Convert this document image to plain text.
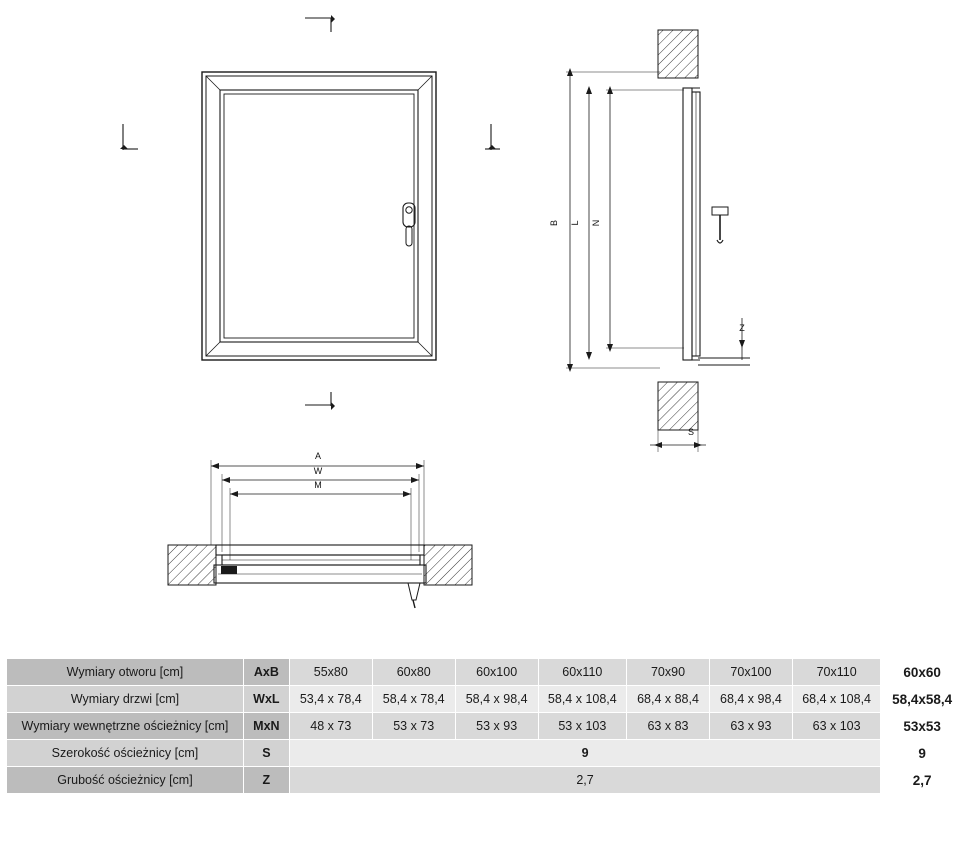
B L N
Z
S
A
W
M
Wymiary otworu [cm]	AxB	55x80	60x80	60x100	60x110	70x90	70x100	70x110	60x60
Wymiary drzwi [cm]	WxL	53,4 x 78,4	58,4 x 78,4	58,4 x 98,4	58,4 x 108,4	68,4 x 88,4	68,4 x 98,4	68,4 x 108,4	58,4x58,4
Wymiary wewnętrzne ościeżnicy [cm]	MxN	48 x 73	53 x 73	53 x 93	53 x 103	63 x 83	63 x 93	63 x 103	53x53
Szerokość ościeżnicy [cm]	S	9							9
Grubość ościeżnicy [cm]	Z	2,7							2,7
